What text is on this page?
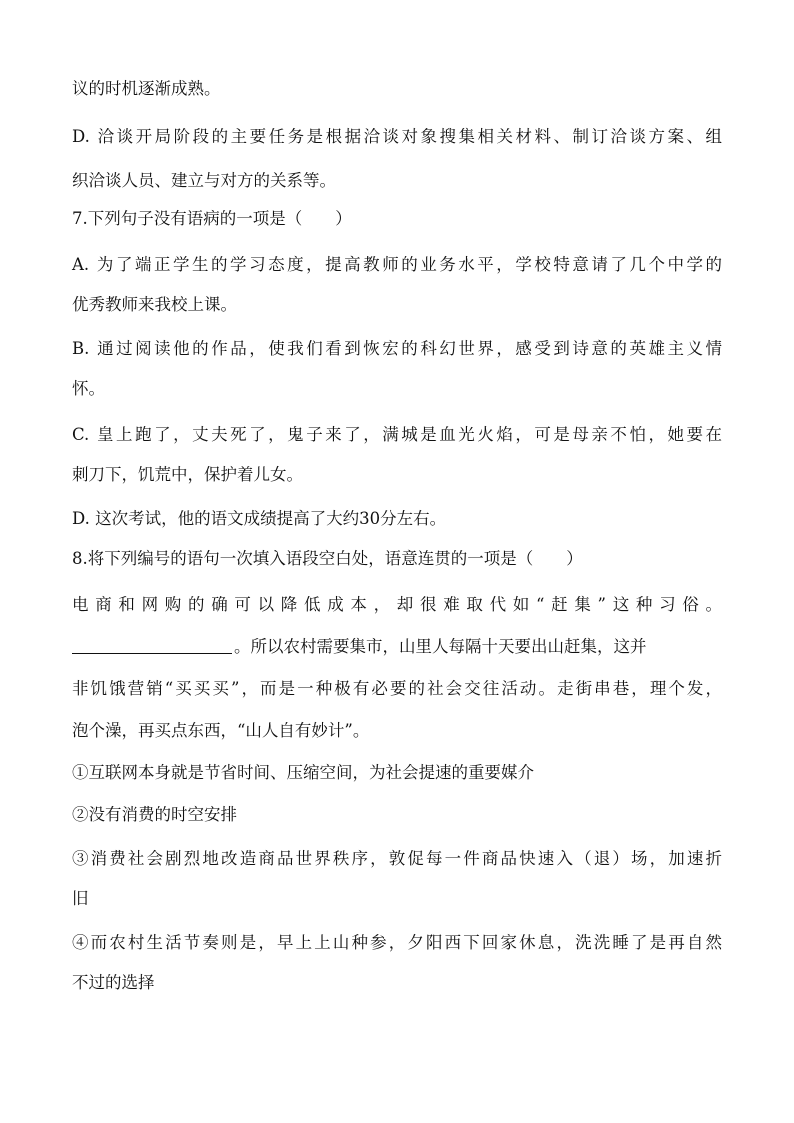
议的时机逐渐成熟。
D. 洽谈开局阶段的主要任务是根据洽谈对象搜集相关材料、制订洽谈方案、组
织洽谈人员、建立与对方的关系等。
7.下列句子没有语病的一项是（　　）
A. 为了端正学生的学习态度，提高教师的业务水平，学校特意请了几个中学的
优秀教师来我校上课。
B. 通过阅读他的作品，使我们看到恢宏的科幻世界，感受到诗意的英雄主义情
怀。
C. 皇上跑了，丈夫死了，鬼子来了，满城是血光火焰，可是母亲不怕，她要在
刺刀下，饥荒中，保护着儿女。
D. 这次考试，他的语文成绩提高了大约30分左右。
8.将下列编号的语句一次填入语段空白处，语意连贯的一项是（　　）
电商和网购的确可以降低成本，却很难取代如“赶集”这种习俗。
。所以农村需要集市，山里人每隔十天要出山赶集，这并
非饥饿营销“买买买”，而是一种极有必要的社会交往活动。走街串巷，理个发，
泡个澡，再买点东西，“山人自有妙计”。
①互联网本身就是节省时间、压缩空间，为社会提速的重要媒介
②没有消费的时空安排
③消费社会剧烈地改造商品世界秩序，敦促每一件商品快速入（退）场，加速折
旧
④而农村生活节奏则是，早上上山种参，夕阳西下回家休息，洗洗睡了是再自然
不过的选择
